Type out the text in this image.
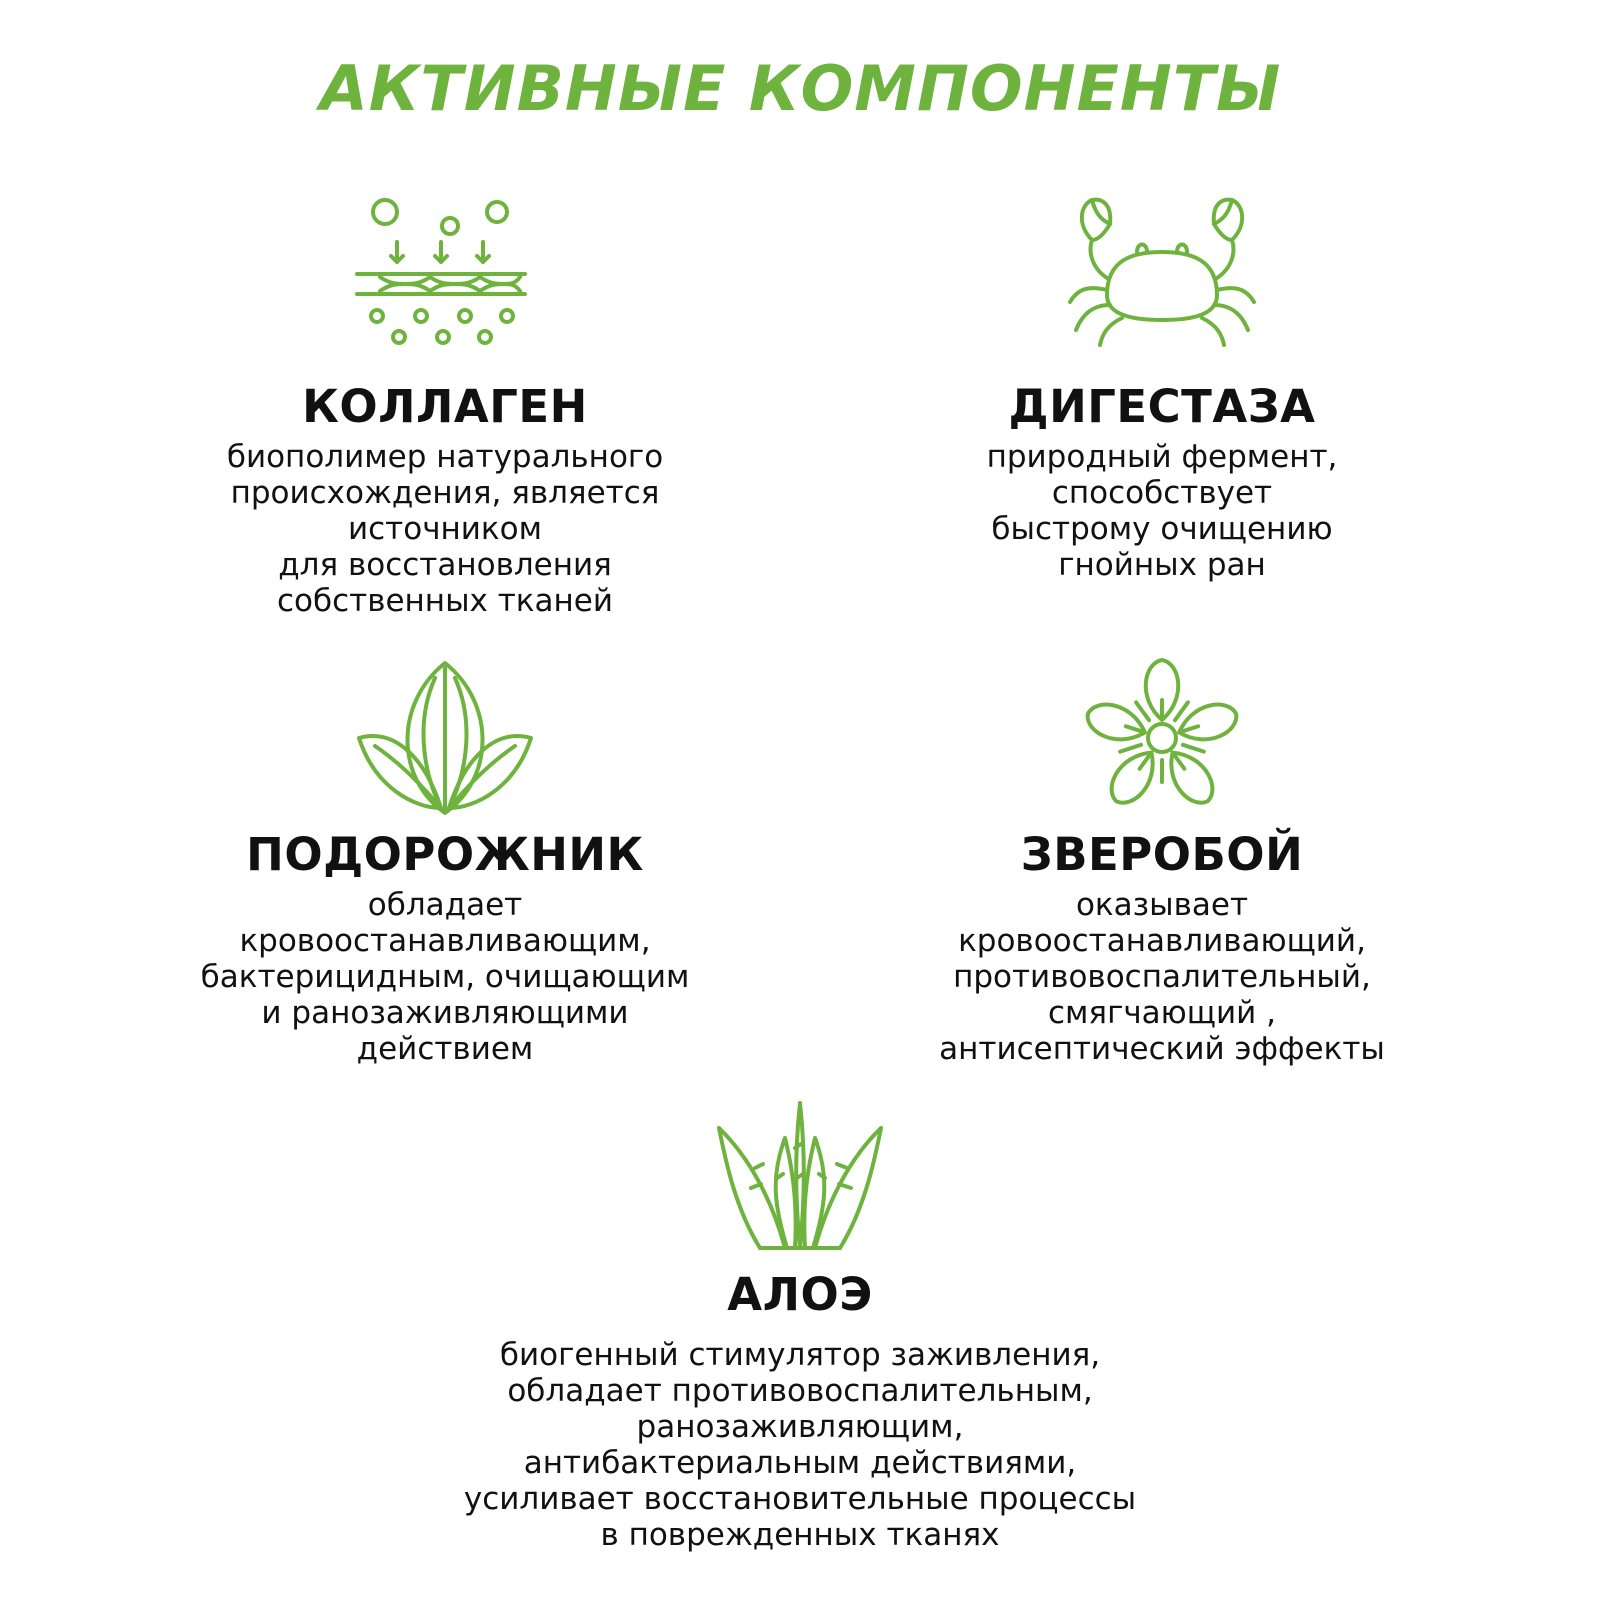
АКТИВНЫЕ КОМПОНЕНТЫ
КОЛЛАГЕН
биополимер натурального
происхождения, является
источником
для восстановления
собственных тканей
ДИГЕСТАЗА
природный фермент,
способствует
быстрому очищению
гнойных ран
ПОДОРОЖНИК
обладает
кровоостанавливающим,
бактерицидным, очищающим
и ранозаживляющими
действием
ЗВЕРОБОЙ
оказывает
кровоостанавливающий,
противовоспалительный,
смягчающий ,
антисептический эффекты
АЛОЭ
биогенный стимулятор заживления,
обладает противовоспалительным,
ранозаживляющим,
антибактериальным действиями,
усиливает восстановительные процессы
в поврежденных тканях
